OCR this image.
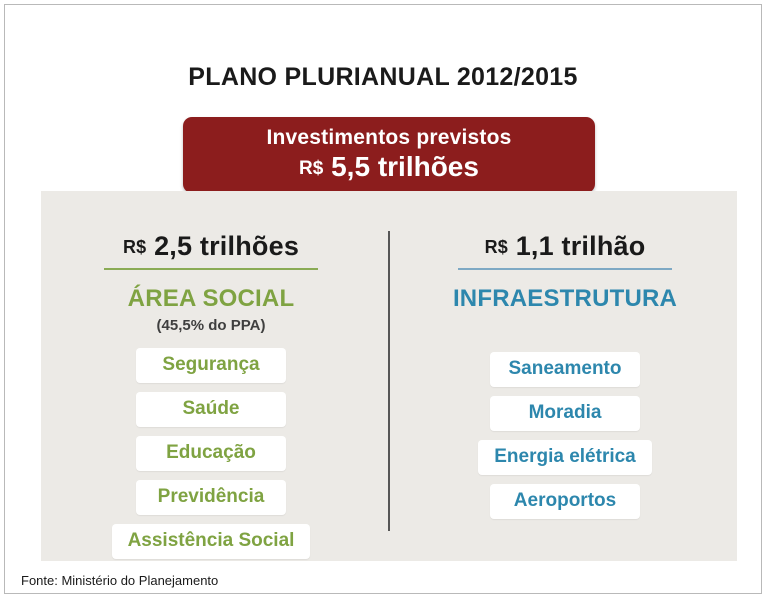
PLANO PLURIANUAL 2012/2015
Investimentos previstos
R$ 5,5 trilhões
R$ 2,5 trilhões
ÁREA SOCIAL
(45,5% do PPA)
Segurança
Saúde
Educação
Previdência
Assistência Social
R$ 1,1 trilhão
INFRAESTRUTURA
Saneamento
Moradia
Energia elétrica
Aeroportos
Fonte: Ministério do Planejamento
